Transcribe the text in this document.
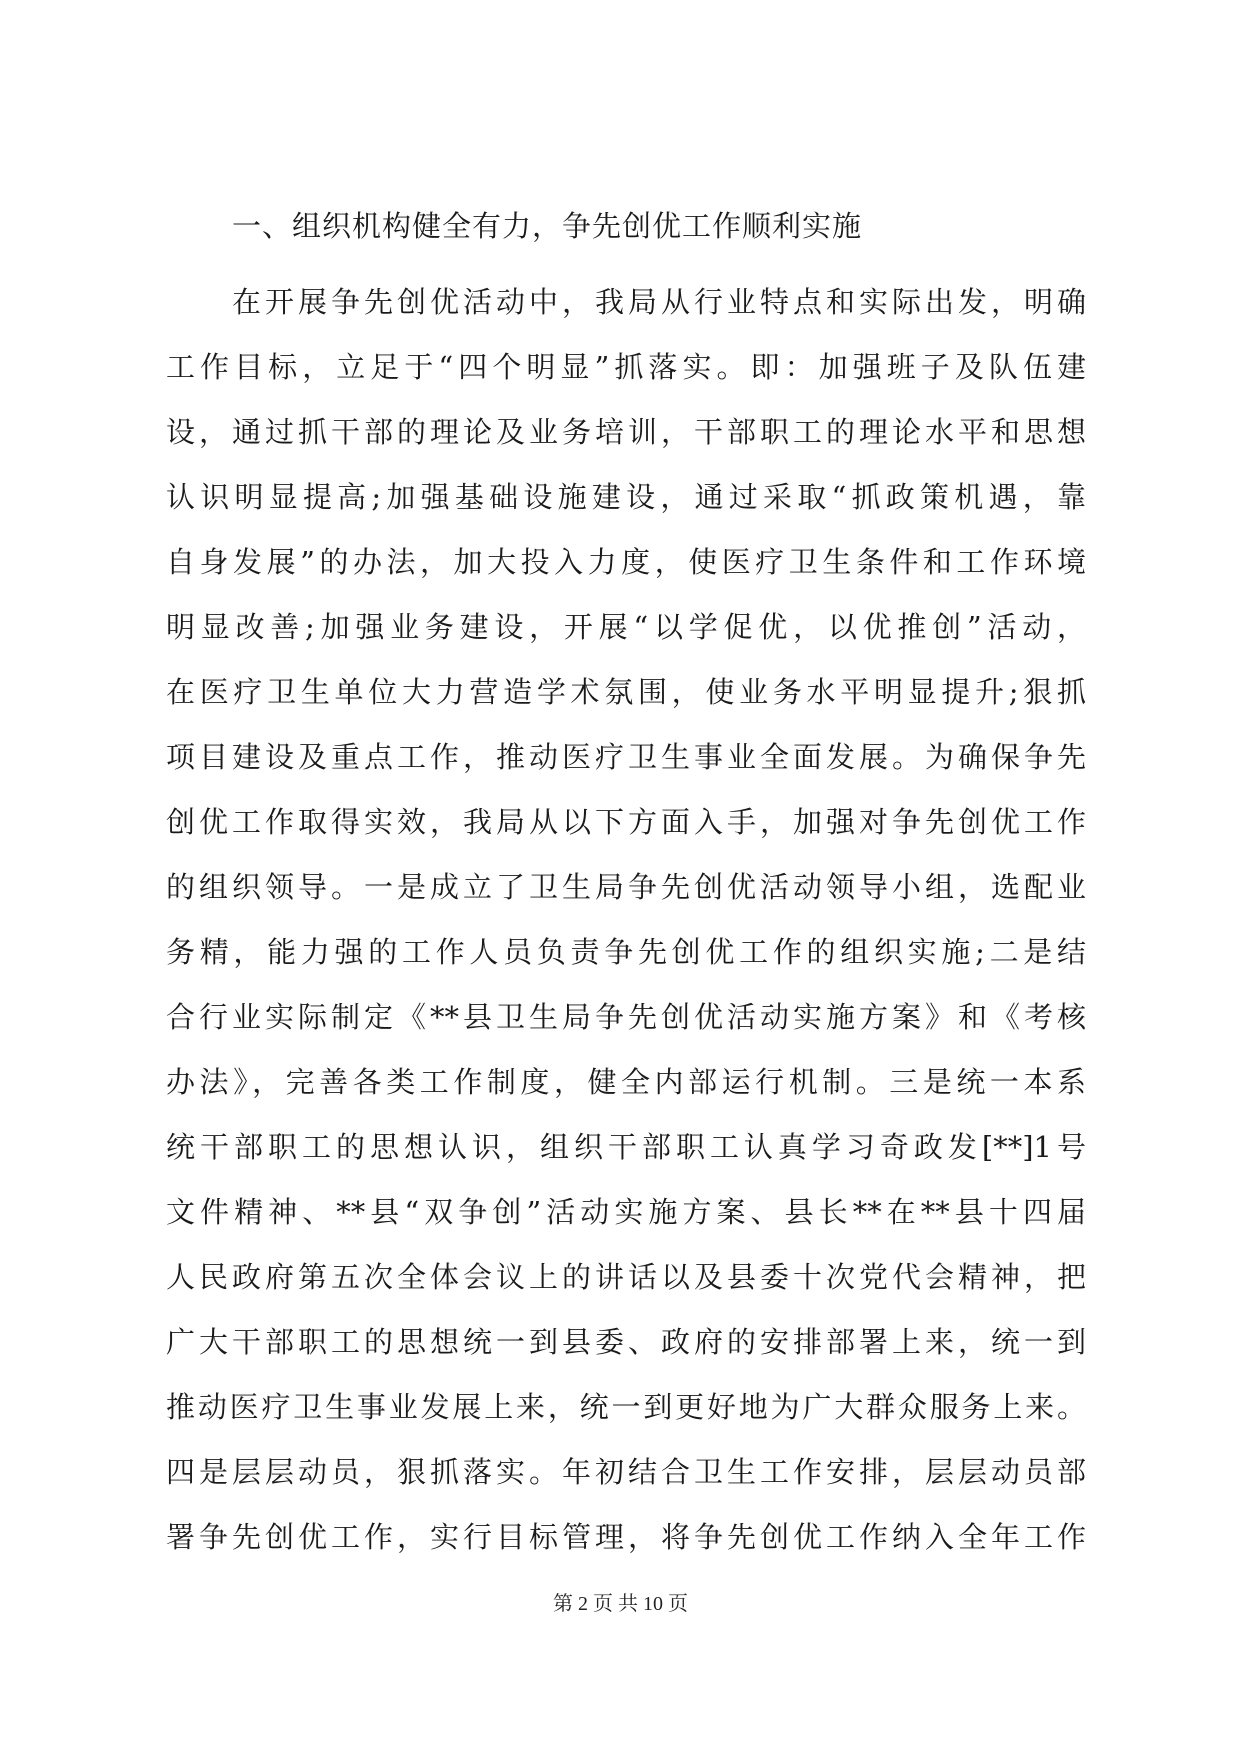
一、组织机构健全有力，争先创优工作顺利实施
在开展争先创优活动中，我局从行业特点和实际出发，明确
工作目标，立足于“四个明显”抓落实。即：加强班子及队伍建
设，通过抓干部的理论及业务培训，干部职工的理论水平和思想
认识明显提高;加强基础设施建设，通过采取“抓政策机遇，靠
自身发展”的办法，加大投入力度，使医疗卫生条件和工作环境
明显改善;加强业务建设，开展“以学促优，以优推创”活动，
在医疗卫生单位大力营造学术氛围，使业务水平明显提升;狠抓
项目建设及重点工作，推动医疗卫生事业全面发展。为确保争先
创优工作取得实效，我局从以下方面入手，加强对争先创优工作
的组织领导。一是成立了卫生局争先创优活动领导小组，选配业
务精，能力强的工作人员负责争先创优工作的组织实施;二是结
合行业实际制定《**县卫生局争先创优活动实施方案》和《考核
办法》，完善各类工作制度，健全内部运行机制。三是统一本系
统干部职工的思想认识，组织干部职工认真学习奇政发[**]1号
文件精神、**县“双争创”活动实施方案、县长**在**县十四届
人民政府第五次全体会议上的讲话以及县委十次党代会精神，把
广大干部职工的思想统一到县委、政府的安排部署上来，统一到
推动医疗卫生事业发展上来，统一到更好地为广大群众服务上来。
四是层层动员，狠抓落实。年初结合卫生工作安排，层层动员部
署争先创优工作，实行目标管理，将争先创优工作纳入全年工作
第 2 页 共 10 页
